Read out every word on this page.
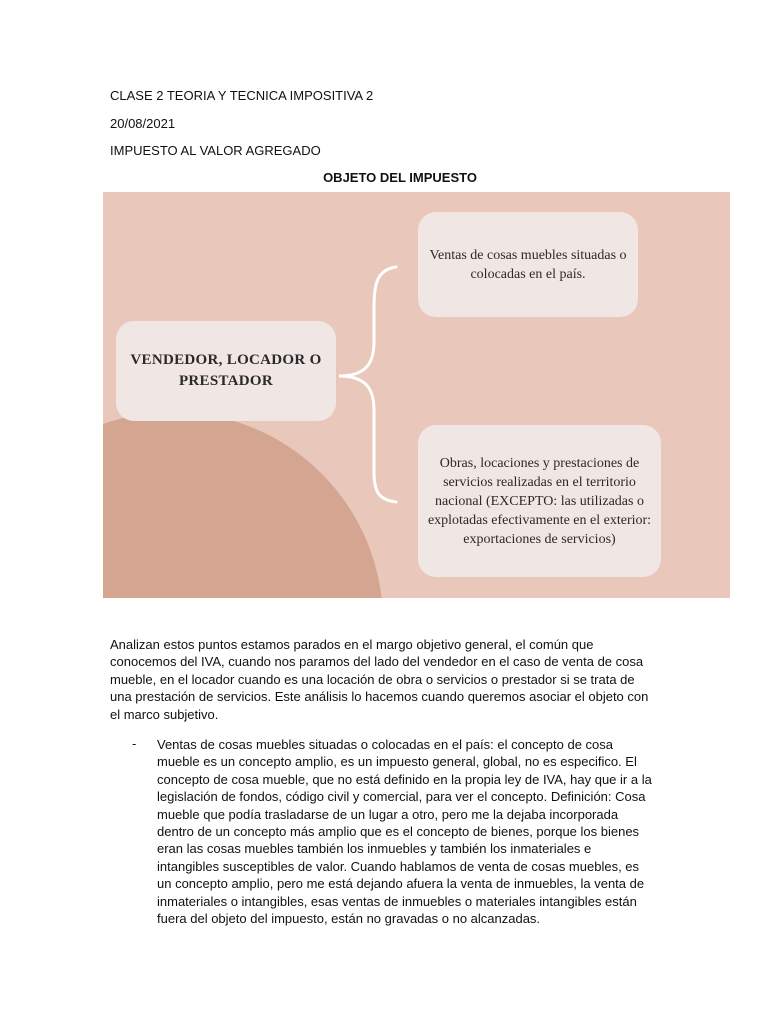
CLASE 2 TEORIA Y TECNICA IMPOSITIVA 2
20/08/2021
IMPUESTO AL VALOR AGREGADO
OBJETO DEL IMPUESTO
VENDEDOR, LOCADOR O PRESTADOR
Ventas de cosas muebles situadas o colocadas en el país.
Obras, locaciones y prestaciones de servicios realizadas en el territorio nacional (EXCEPTO: las utilizadas o explotadas efectivamente en el exterior: exportaciones de servicios)
Analizan estos puntos estamos parados en el margo objetivo general, el común que conocemos del IVA, cuando nos paramos del lado del vendedor en el caso de venta de cosa mueble, en el locador cuando es una locación de obra o servicios o prestador si se trata de una prestación de servicios. Este análisis lo hacemos cuando queremos asociar el objeto con el marco subjetivo.
- Ventas de cosas muebles situadas o colocadas en el país: el concepto de cosa mueble es un concepto amplio, es un impuesto general, global, no es especifico. El concepto de cosa mueble, que no está definido en la propia ley de IVA, hay que ir a la legislación de fondos, código civil y comercial, para ver el concepto. Definición: Cosa mueble que podía trasladarse de un lugar a otro, pero me la dejaba incorporada dentro de un concepto más amplio que es el concepto de bienes, porque los bienes eran las cosas muebles también los inmuebles y también los inmateriales e intangibles susceptibles de valor. Cuando hablamos de venta de cosas muebles, es un concepto amplio, pero me está dejando afuera la venta de inmuebles, la venta de inmateriales o intangibles, esas ventas de inmuebles o materiales intangibles están fuera del objeto del impuesto, están no gravadas o no alcanzadas.
